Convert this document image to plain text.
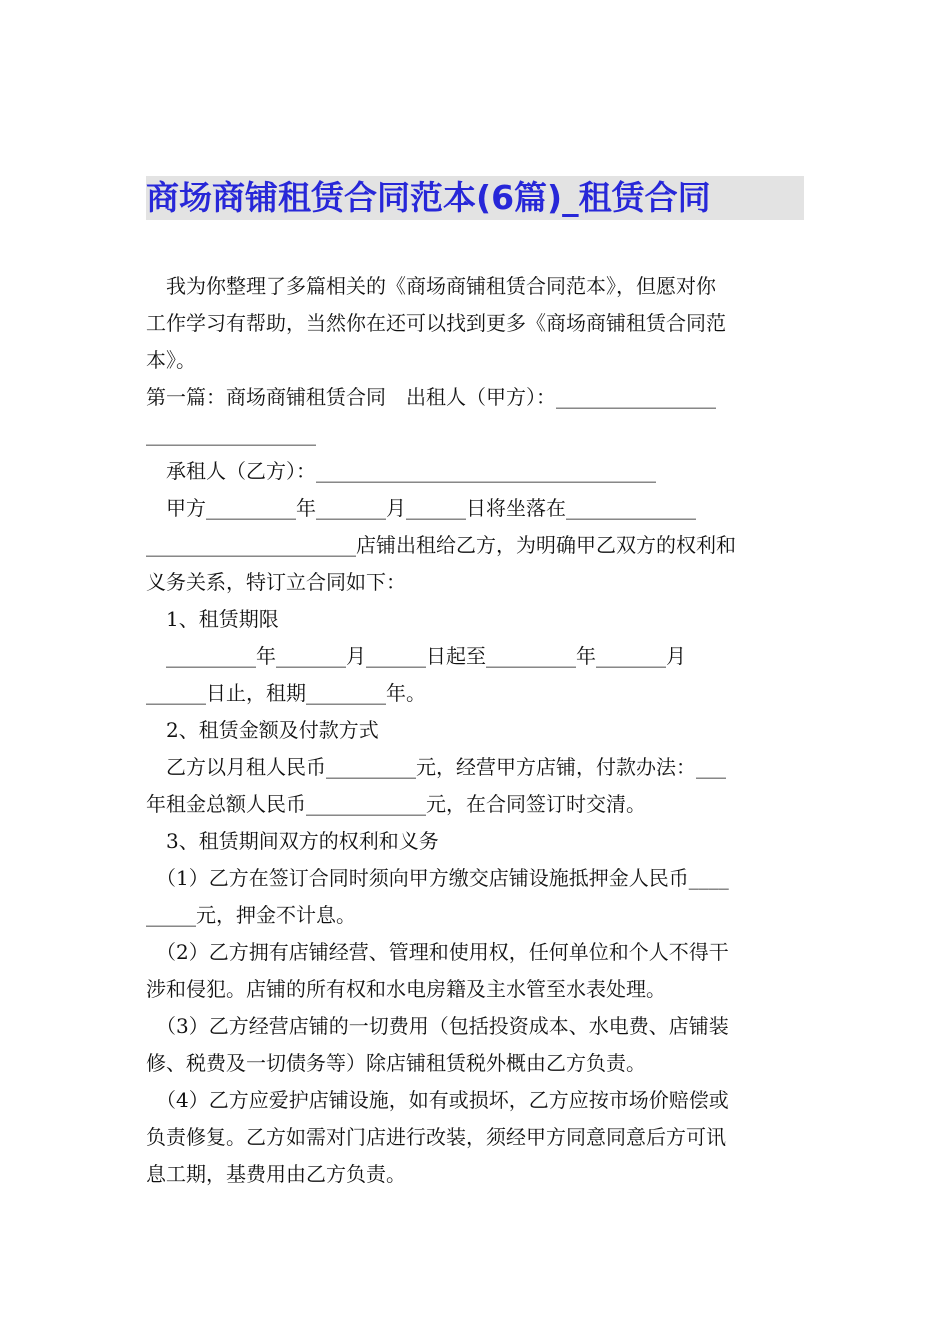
商场商铺租赁合同范本(6篇)_租赁合同
　我为你整理了多篇相关的《商场商铺租赁合同范本》，但愿对你
工作学习有帮助，当然你在还可以找到更多《商场商铺租赁合同范
本》。
第一篇：商场商铺租赁合同　出租人（甲方）：________________
_________________
　承租人（乙方）：__________________________________
　甲方_________年_______月______日将坐落在_____________
_____________________店铺出租给乙方，为明确甲乙双方的权利和
义务关系，特订立合同如下：
　1、租赁期限
　_________年_______月______日起至_________年_______月
______日止，租期________年。
　2、租赁金额及付款方式
　乙方以月租人民币_________元，经营甲方店铺，付款办法：___
年租金总额人民币____________元，在合同签订时交清。
　3、租赁期间双方的权利和义务
　（1）乙方在签订合同时须向甲方缴交店铺设施抵押金人民币____
_____元，押金不计息。
　（2）乙方拥有店铺经营、管理和使用权，任何单位和个人不得干
涉和侵犯。店铺的所有权和水电房籍及主水管至水表处理。
　（3）乙方经营店铺的一切费用（包括投资成本、水电费、店铺装
修、税费及一切债务等）除店铺租赁税外概由乙方负责。
　（4）乙方应爱护店铺设施，如有或损坏，乙方应按市场价赔偿或
负责修复。乙方如需对门店进行改装，须经甲方同意同意后方可讯
息工期，基费用由乙方负责。
